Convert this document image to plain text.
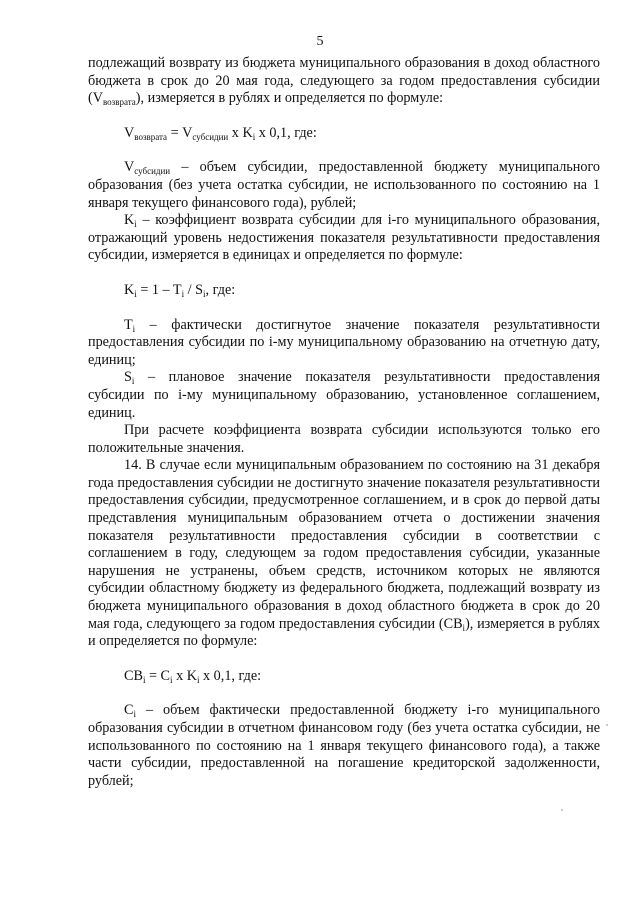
5

подлежащий возврату из бюджета муниципального образования в доход областного бюджета в срок до 20 мая года, следующего за годом предоставления субсидии $(V_{возврата})$, измеряется в рублях и определяется по формуле:

$V_{возврата} = V_{субсидии}$ x $K_i$ x 0,1, где:

$V_{субсидии}$ – объем субсидии, предоставленной бюджету муниципального образования (без учета остатка субсидии, не использованного по состоянию на 1 января текущего финансового года), рублей;

$K_i$ – коэффициент возврата субсидии для i-го муниципального образования, отражающий уровень недостижения показателя результативности предоставления субсидии, измеряется в единицах и определяется по формуле:

$K_i = 1 - T_i / S_i$, где:

$T_i$ – фактически достигнутое значение показателя результативности предоставления субсидии по i-му муниципальному образованию на отчетную дату, единиц;

$S_i$ – плановое значение показателя результативности предоставления субсидии по i-му муниципальному образованию, установленное соглашением, единиц.

При расчете коэффициента возврата субсидии используются только его положительные значения.

14. В случае если муниципальным образованием по состоянию на 31 декабря года предоставления субсидии не достигнуто значение показателя результативности предоставления субсидии, предусмотренное соглашением, и в срок до первой даты представления муниципальным образованием отчета о достижении значения показателя результативности предоставления субсидии в соответствии с соглашением в году, следующем за годом предоставления субсидии, указанные нарушения не устранены, объем средств, источником которых не являются субсидии областному бюджету из федерального бюджета, подлежащий возврату из бюджета муниципального образования в доход областного бюджета в срок до 20 мая года, следующего за годом предоставления субсидии $(CB_i)$, измеряется в рублях и определяется по формуле:

$CB_i = C_i$ x $K_i$ x 0,1, где:

$C_i$ – объем фактически предоставленной бюджету i-го муниципального образования субсидии в отчетном финансовом году (без учета остатка субсидии, не использованного по состоянию на 1 января текущего финансового года), а также части субсидии, предоставленной на погашение кредиторской задолженности, рублей;
